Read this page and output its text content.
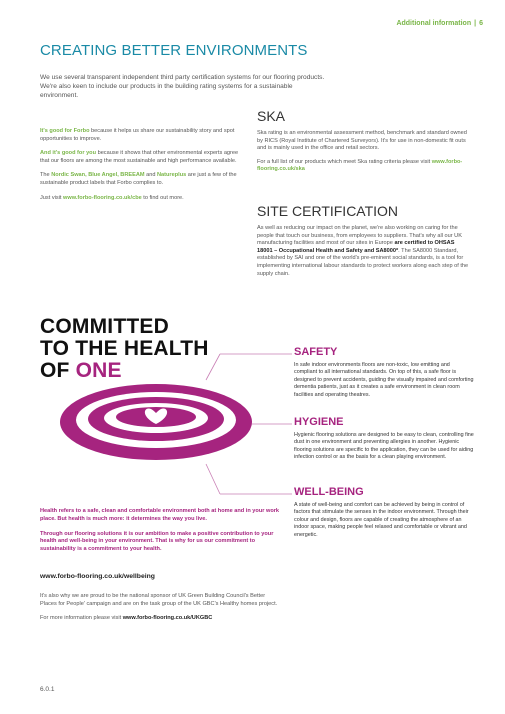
Additional information | 6
CREATING BETTER ENVIRONMENTS
We use several transparent independent third party certification systems for our flooring products. We're also keen to include our products in the building rating systems for a sustainable environment.

It's good for Forbo because it helps us share our sustainability story and spot opportunities to improve.

And it's good for you because it shows that other environmental experts agree that our floors are among the most sustainable and high performance available.

The Nordic Swan, Blue Angel, BREEAM and Natureplus are just a few of the sustainable product labels that Forbo complies to.

Just visit www.forbo-flooring.co.uk/cbe to find out more.

SKA

Ska rating is an environmental assessment method, benchmark and standard owned by RICS (Royal Institute of Chartered Surveyors). It's for use in non-domestic fit outs and is mainly used in the office and retail sectors.

For a full list of our products which meet Ska rating criteria please visit www.forbo-flooring.co.uk/ska

SITE CERTIFICATION
As well as reducing our impact on the planet, we're also working on caring for the people that touch our business, from employees to suppliers. That's why all our UK manufacturing facilities and most of our sites in Europe are certified to OHSAS 18001 – Occupational Health and Safety and SA8000*. The SA8000 Standard, established by SAI and one of the world's pre-eminent social standards, is a tool for implementing international labour standards to protect workers along each step of the supply chain.
COMMITTED
TO THE HEALTH
OF ONE
SAFETY
In safe indoor environments floors are non-toxic, low emitting and compliant to all international standards. On top of this, a safe floor is designed to prevent accidents, guiding the visually impaired and comforting dementia patients, just as it creates a safe environment in clean room facilities and operating theatres.
HYGIENE
Hygienic flooring solutions are designed to be easy to clean, controlling fine dust in one environment and preventing allergies in another. Hygienic flooring solutions are specific to the application, they can be used for aiding infection control or as the basis for a clean playing environment.
WELL-BEING
A state of well-being and comfort can be achieved by being in control of factors that stimulate the senses in the indoor environment. Through their colour and design, floors are capable of creating the atmosphere of an indoor space, making people feel relaxed and comfortable or vibrant and energetic.

Health refers to a safe, clean and comfortable environment both at home and in your work place. But health is much more: it determines the way you live.

Through our flooring solutions it is our ambition to make a positive contribution to your health and well-being in your environment. That is why for us our commitment to sustainability is a commitment to your health.

www.forbo-flooring.co.uk/wellbeing

It's also why we are proud to be the national sponsor of UK Green Building Council's Better Places for People' campaign and are on the task group of the UK GBC's Healthy homes project.

For more information please visit www.forbo-flooring.co.uk/UKGBC

6.0.1
